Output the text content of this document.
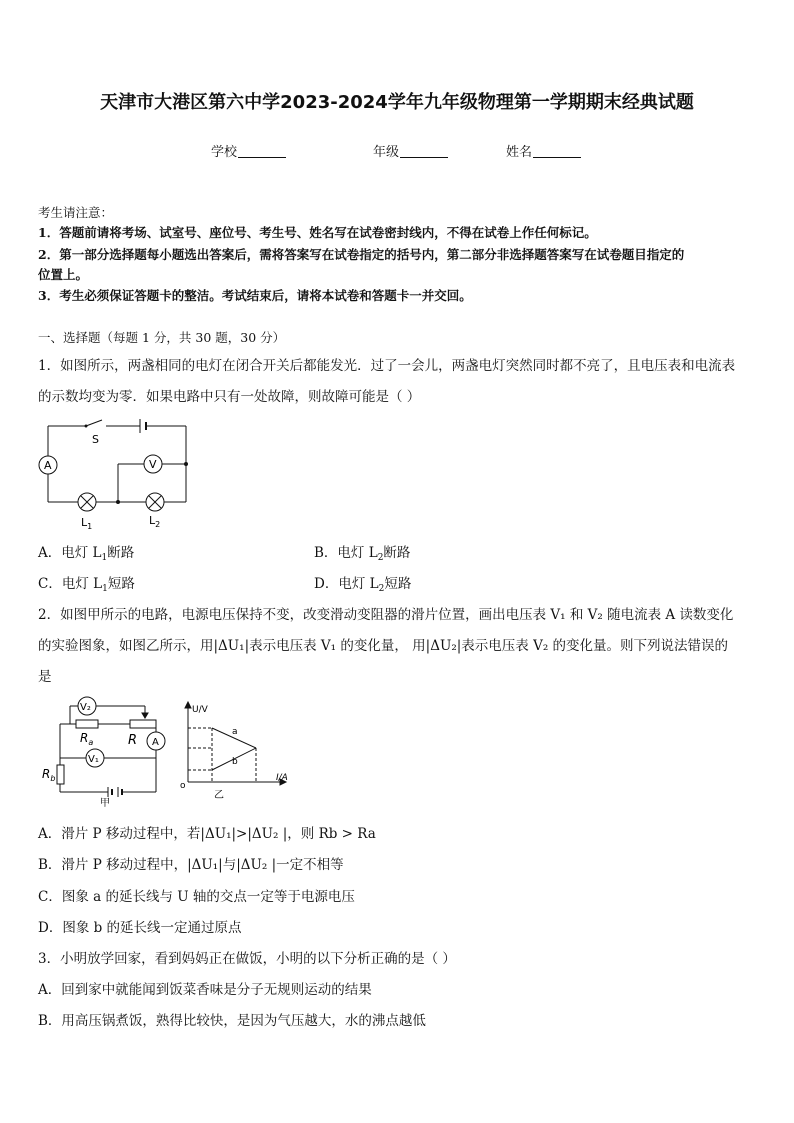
天津市大港区第六中学2023-2024学年九年级物理第一学期期末经典试题
学校	年级	姓名
考生请注意：
1．答题前请将考场、试室号、座位号、考生号、姓名写在试卷密封线内，不得在试卷上作任何标记。
2．第一部分选择题每小题选出答案后，需将答案写在试卷指定的括号内，第二部分非选择题答案写在试卷题目指定的
位置上。
3．考生必须保证答题卡的整洁。考试结束后，请将本试卷和答题卡一并交回。
一、选择题（每题 1 分，共 30 题，30 分）
1．如图所示，两盏相同的电灯在闭合开关后都能发光．过了一会儿，两盏电灯突然同时都不亮了，且电压表和电流表
的示数均变为零．如果电路中只有一处故障，则故障可能是（ ）
S
A	V
$L_1$	$L_2$
A．电灯 $L_1$断路	B．电灯 $L_2$断路
C．电灯 $L_1$短路	D．电灯 $L_2$短路
2．如图甲所示的电路，电源电压保持不变，改变滑动变阻器的滑片位置，画出电压表 V₁ 和 V₂ 随电流表 A 读数变化
的实验图象，如图乙所示，用|ΔU₁|表示电压表 V₁ 的变化量， 用|ΔU₂|表示电压表 V₂ 的变化量。则下列说法错误的
是
V₂
V₁
$R_a$	R A
$R_b$
甲
U/V
I/A
o
a
b
乙
A．滑片 P 移动过程中，若|ΔU₁|>|ΔU₂ |，则 Rb > Ra
B．滑片 P 移动过程中，|ΔU₁|与|ΔU₂ |一定不相等
C．图象 a 的延长线与 U 轴的交点一定等于电源电压
D．图象 b 的延长线一定通过原点
3．小明放学回家，看到妈妈正在做饭，小明的以下分析正确的是（ ）
A．回到家中就能闻到饭菜香味是分子无规则运动的结果
B．用高压锅煮饭，熟得比较快，是因为气压越大，水的沸点越低
